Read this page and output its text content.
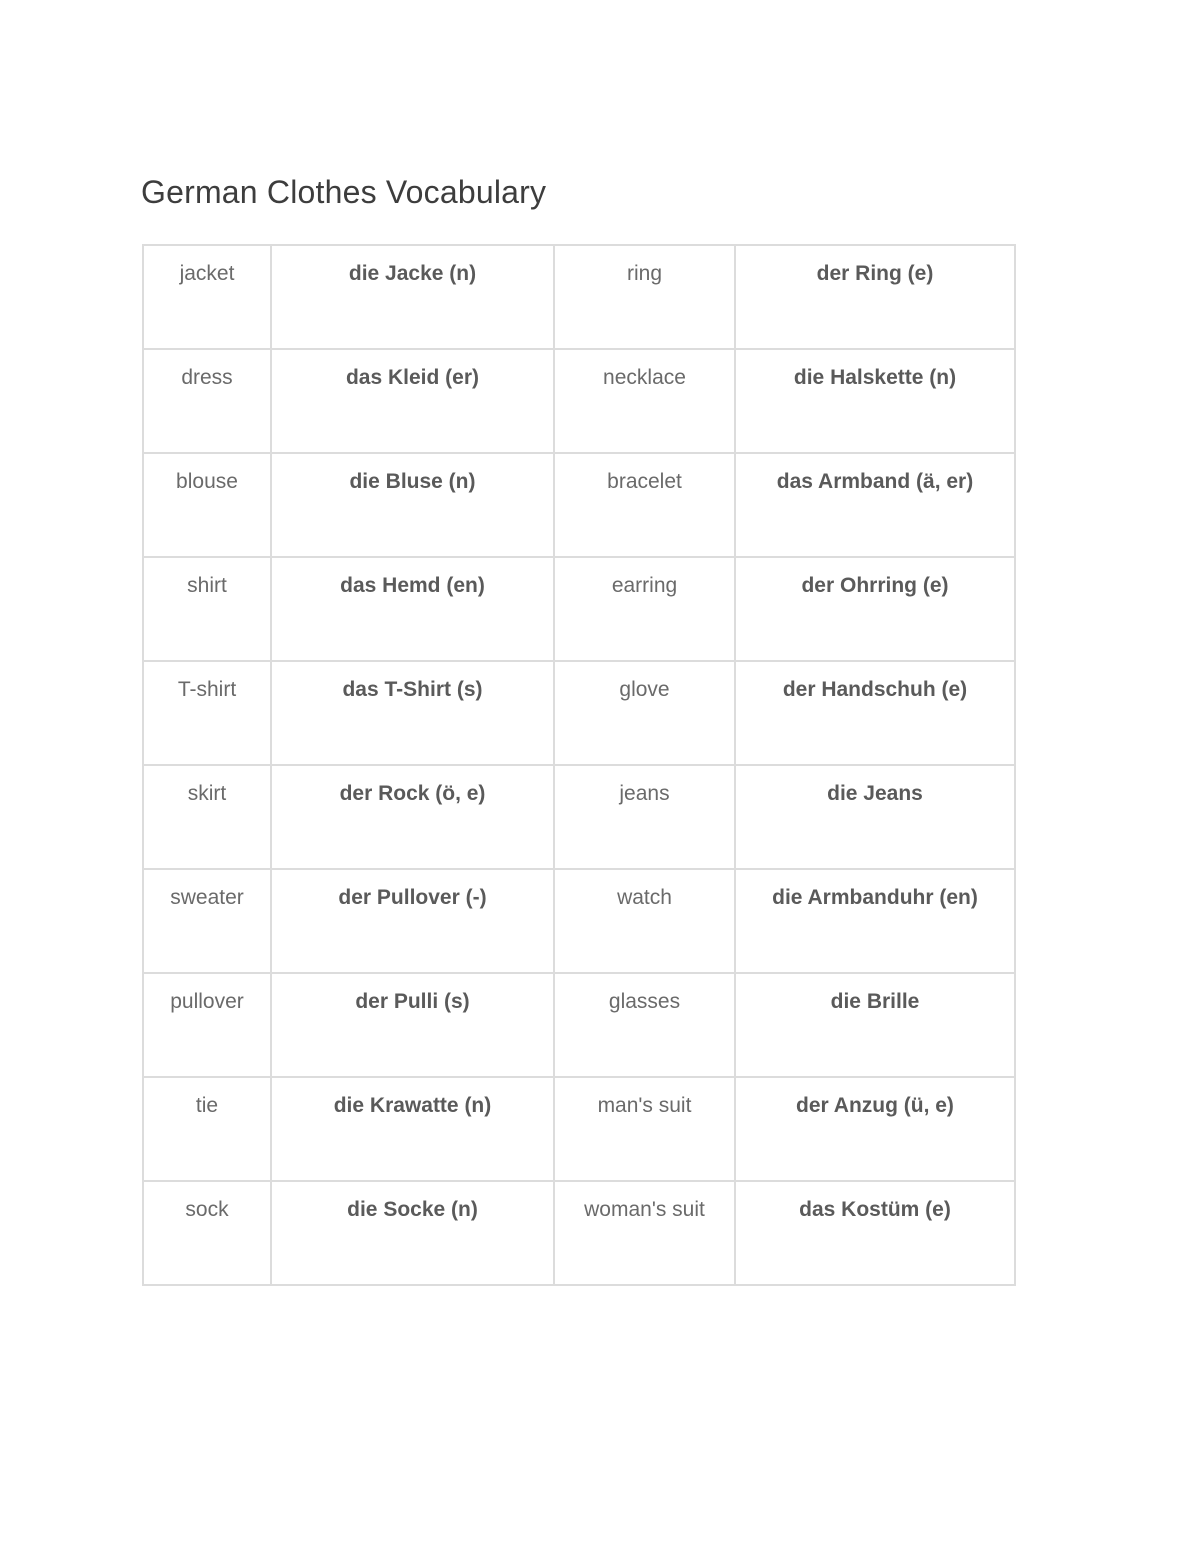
German Clothes Vocabulary
jacket	die Jacke (n)	ring	der Ring (e)
dress	das Kleid (er)	necklace	die Halskette (n)
blouse	die Bluse (n)	bracelet	das Armband (ä, er)
shirt	das Hemd (en)	earring	der Ohrring (e)
T-shirt	das T-Shirt (s)	glove	der Handschuh (e)
skirt	der Rock (ö, e)	jeans	die Jeans
sweater	der Pullover (-)	watch	die Armbanduhr (en)
pullover	der Pulli (s)	glasses	die Brille
tie	die Krawatte (n)	man's suit	der Anzug (ü, e)
sock	die Socke (n)	woman's suit	das Kostüm (e)
